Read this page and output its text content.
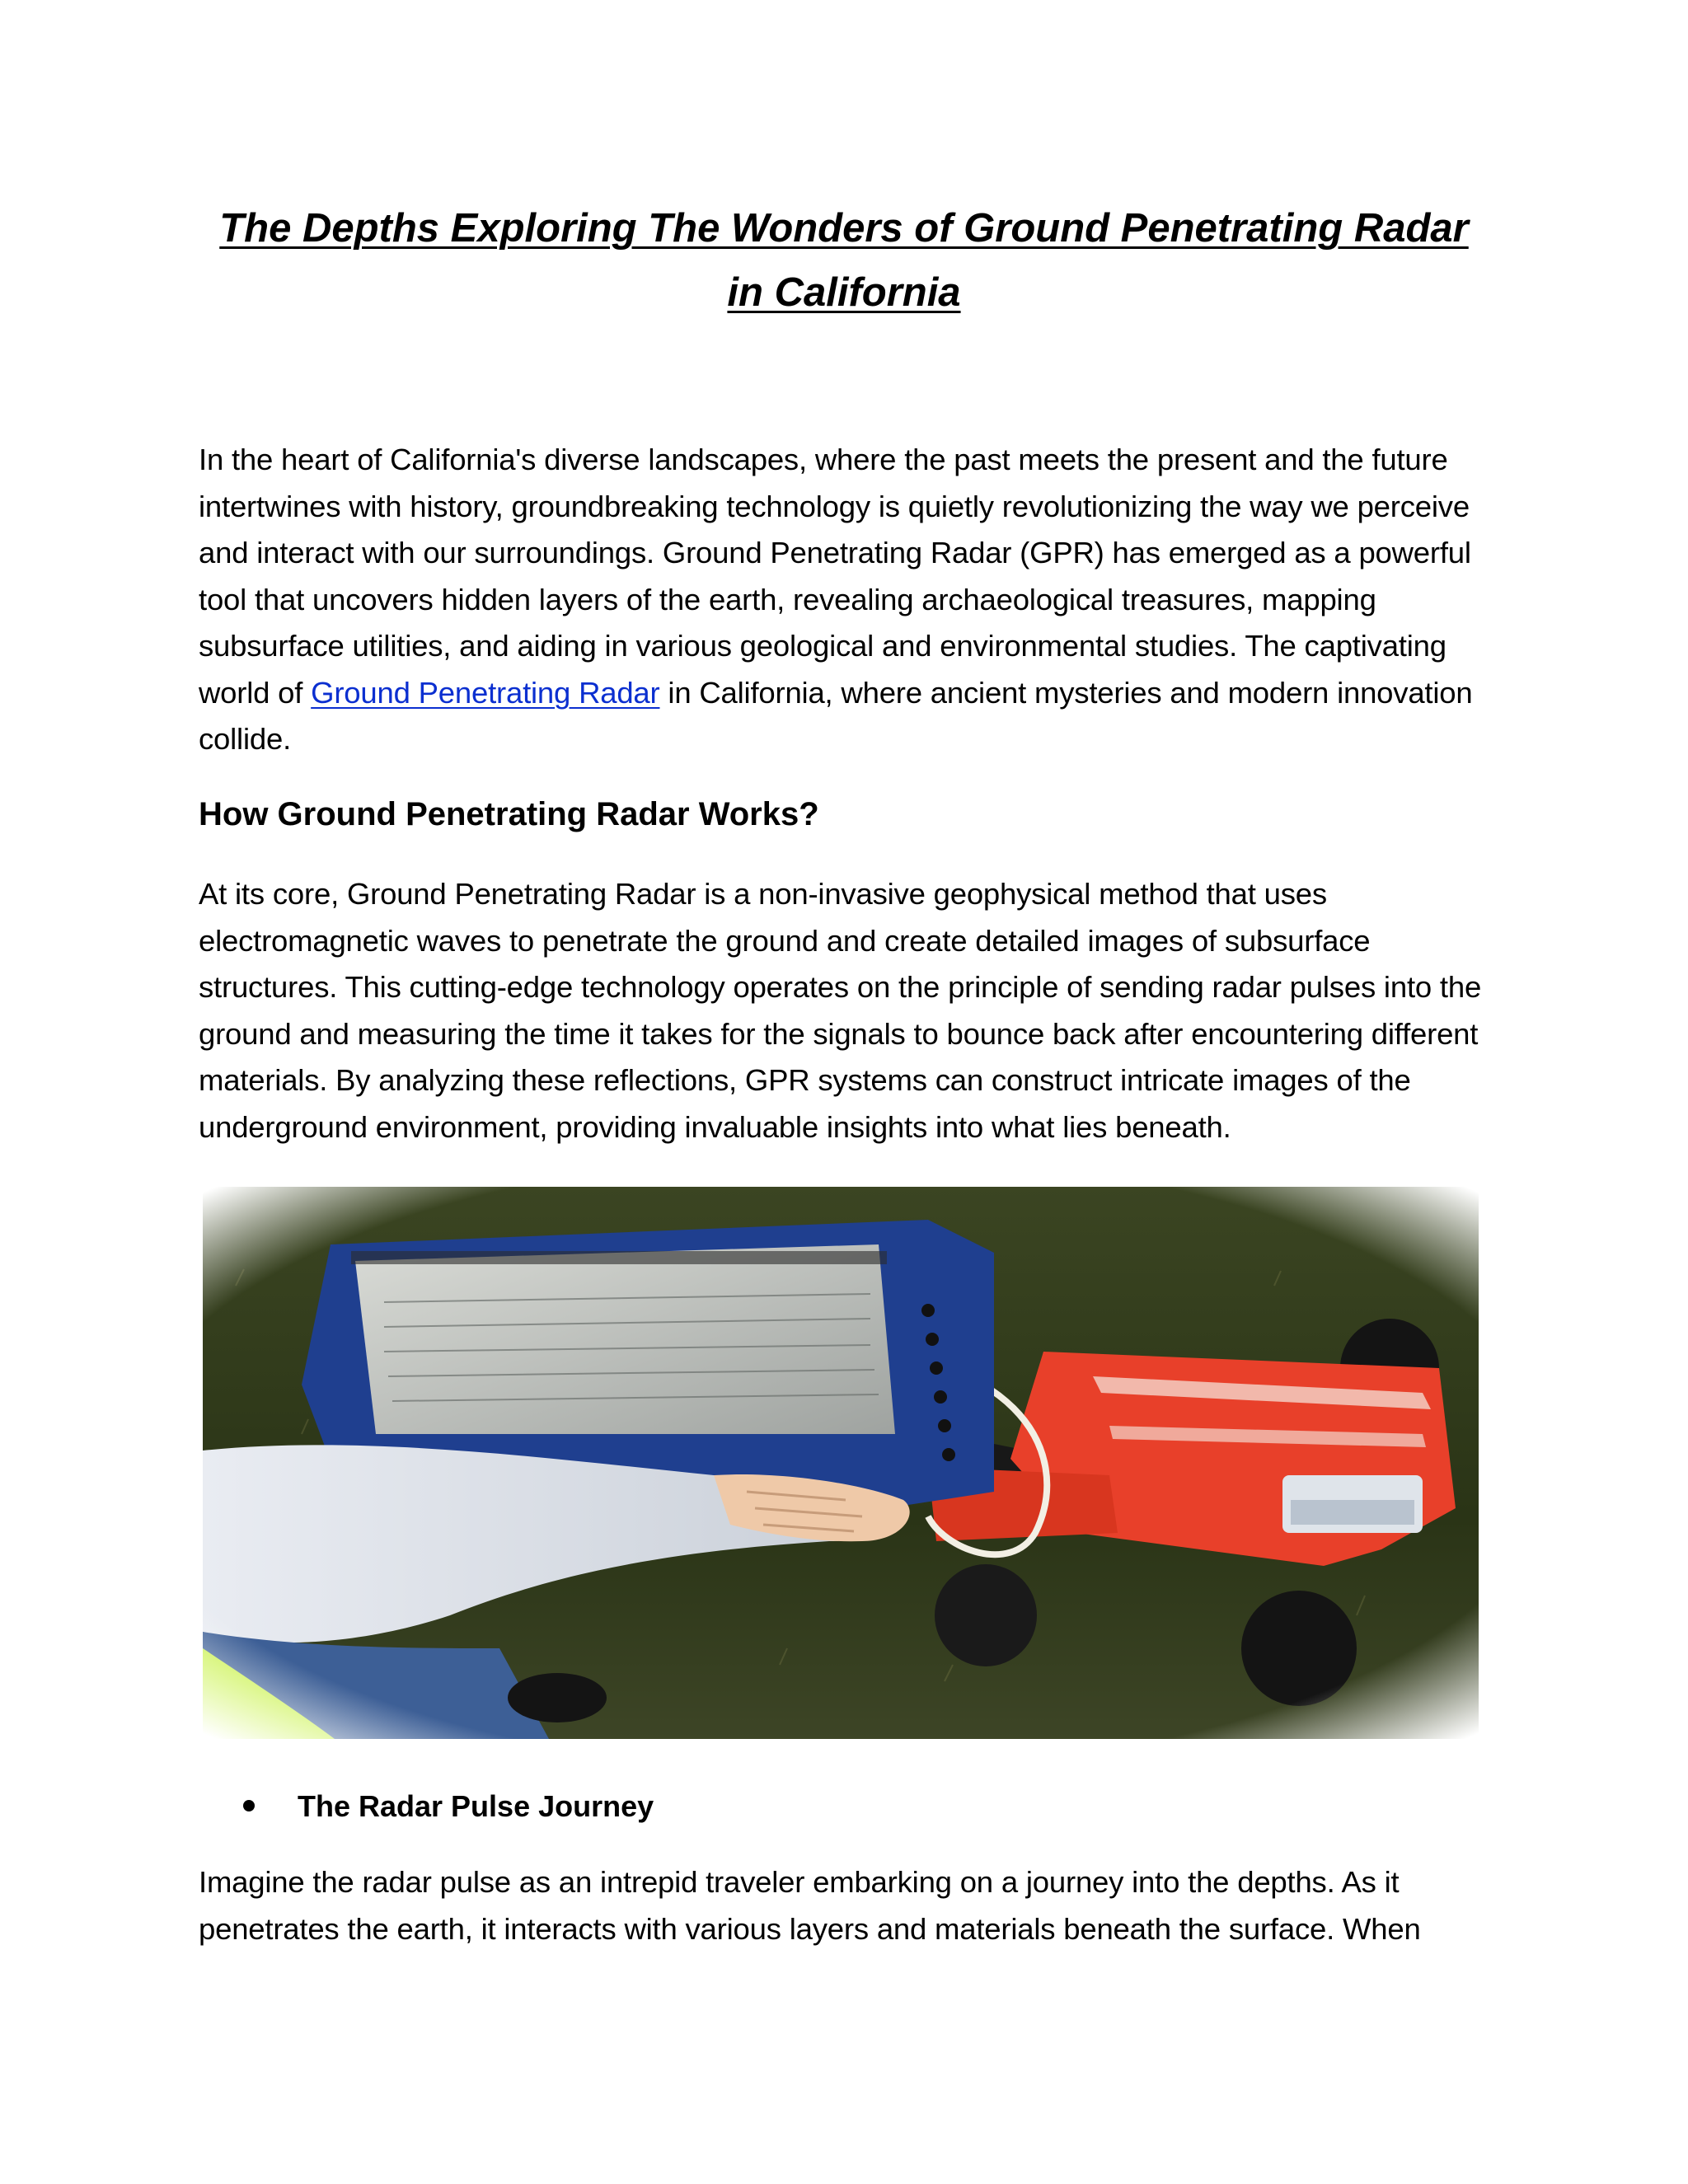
The Depths Exploring The Wonders of Ground Penetrating Radar in California

In the heart of California's diverse landscapes, where the past meets the present and the future intertwines with history, groundbreaking technology is quietly revolutionizing the way we perceive and interact with our surroundings. Ground Penetrating Radar (GPR) has emerged as a powerful tool that uncovers hidden layers of the earth, revealing archaeological treasures, mapping subsurface utilities, and aiding in various geological and environmental studies. The captivating world of Ground Penetrating Radar in California, where ancient mysteries and modern innovation collide.

How Ground Penetrating Radar Works?

At its core, Ground Penetrating Radar is a non-invasive geophysical method that uses electromagnetic waves to penetrate the ground and create detailed images of subsurface structures. This cutting-edge technology operates on the principle of sending radar pulses into the ground and measuring the time it takes for the signals to bounce back after encountering different materials. By analyzing these reflections, GPR systems can construct intricate images of the underground environment, providing invaluable insights into what lies beneath.

The Radar Pulse Journey

Imagine the radar pulse as an intrepid traveler embarking on a journey into the depths. As it penetrates the earth, it interacts with various layers and materials beneath the surface. When
